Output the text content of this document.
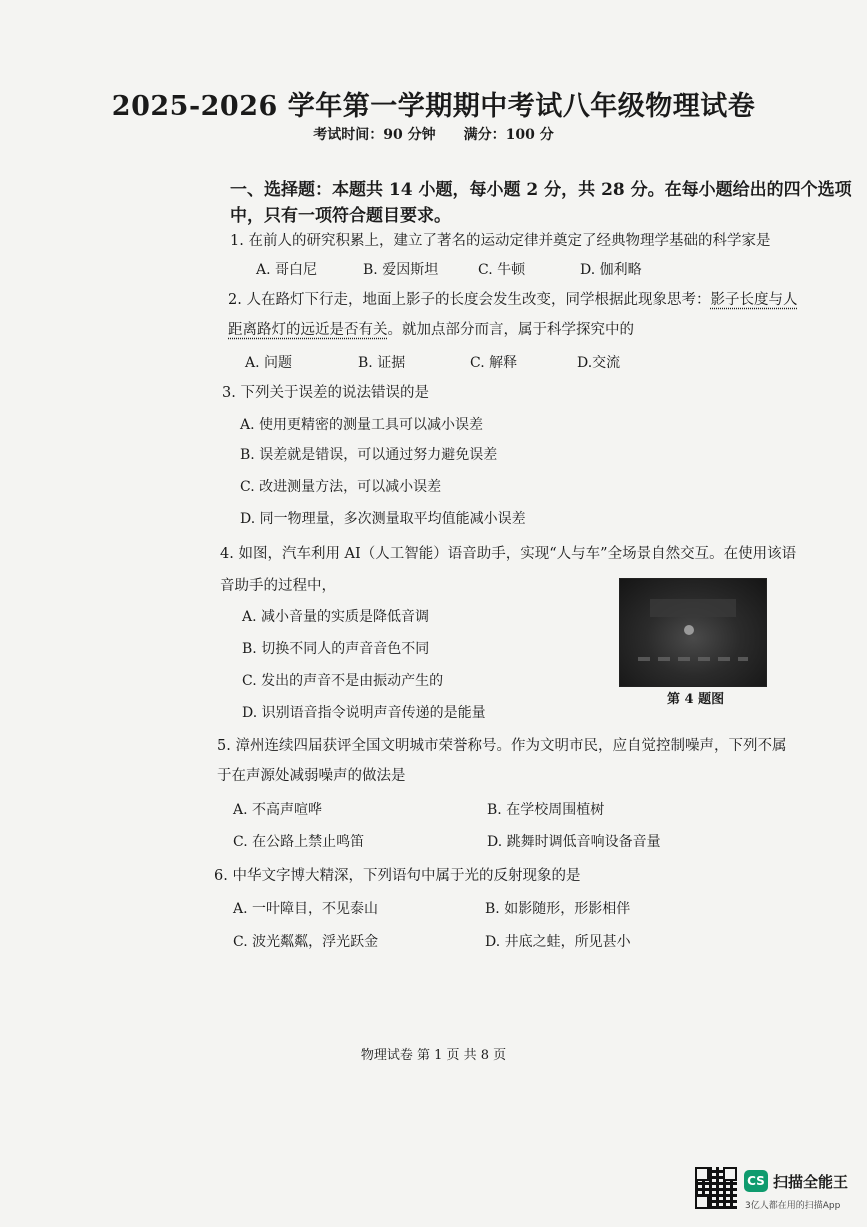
2025-2026 学年第一学期期中考试八年级物理试卷
考试时间：90 分钟 满分：100 分
一、选择题：本题共 14 小题，每小题 2 分，共 28 分。在每小题给出的四个选项
中，只有一项符合题目要求。
1. 在前人的研究积累上，建立了著名的运动定律并奠定了经典物理学基础的科学家是
A. 哥白尼	B. 爱因斯坦	C. 牛顿	D. 伽利略
2. 人在路灯下行走，地面上影子的长度会发生改变，同学根据此现象思考：影子长度与人
距离路灯的远近是否有关。就加点部分而言，属于科学探究中的
A. 问题	B. 证据	C. 解释	D.交流
3. 下列关于误差的说法错误的是
A. 使用更精密的测量工具可以减小误差
B. 误差就是错误，可以通过努力避免误差
C. 改进测量方法，可以减小误差
D. 同一物理量，多次测量取平均值能减小误差
4. 如图，汽车利用 AI（人工智能）语音助手，实现“人与车”全场景自然交互。在使用该语
音助手的过程中，
A. 减小音量的实质是降低音调
B. 切换不同人的声音音色不同
C. 发出的声音不是由振动产生的
D. 识别语音指令说明声音传递的是能量
第 4 题图
5. 漳州连续四届获评全国文明城市荣誉称号。作为文明市民，应自觉控制噪声，下列不属
于在声源处减弱噪声的做法是
A. 不高声喧哗	B. 在学校周围植树
C. 在公路上禁止鸣笛	D. 跳舞时调低音响设备音量
6. 中华文字博大精深，下列语句中属于光的反射现象的是
A. 一叶障目，不见泰山	B. 如影随形，形影相伴
C. 波光粼粼，浮光跃金	D. 井底之蛙，所见甚小
物理试卷 第 1 页 共 8 页
CS 扫描全能王
3亿人都在用的扫描App
